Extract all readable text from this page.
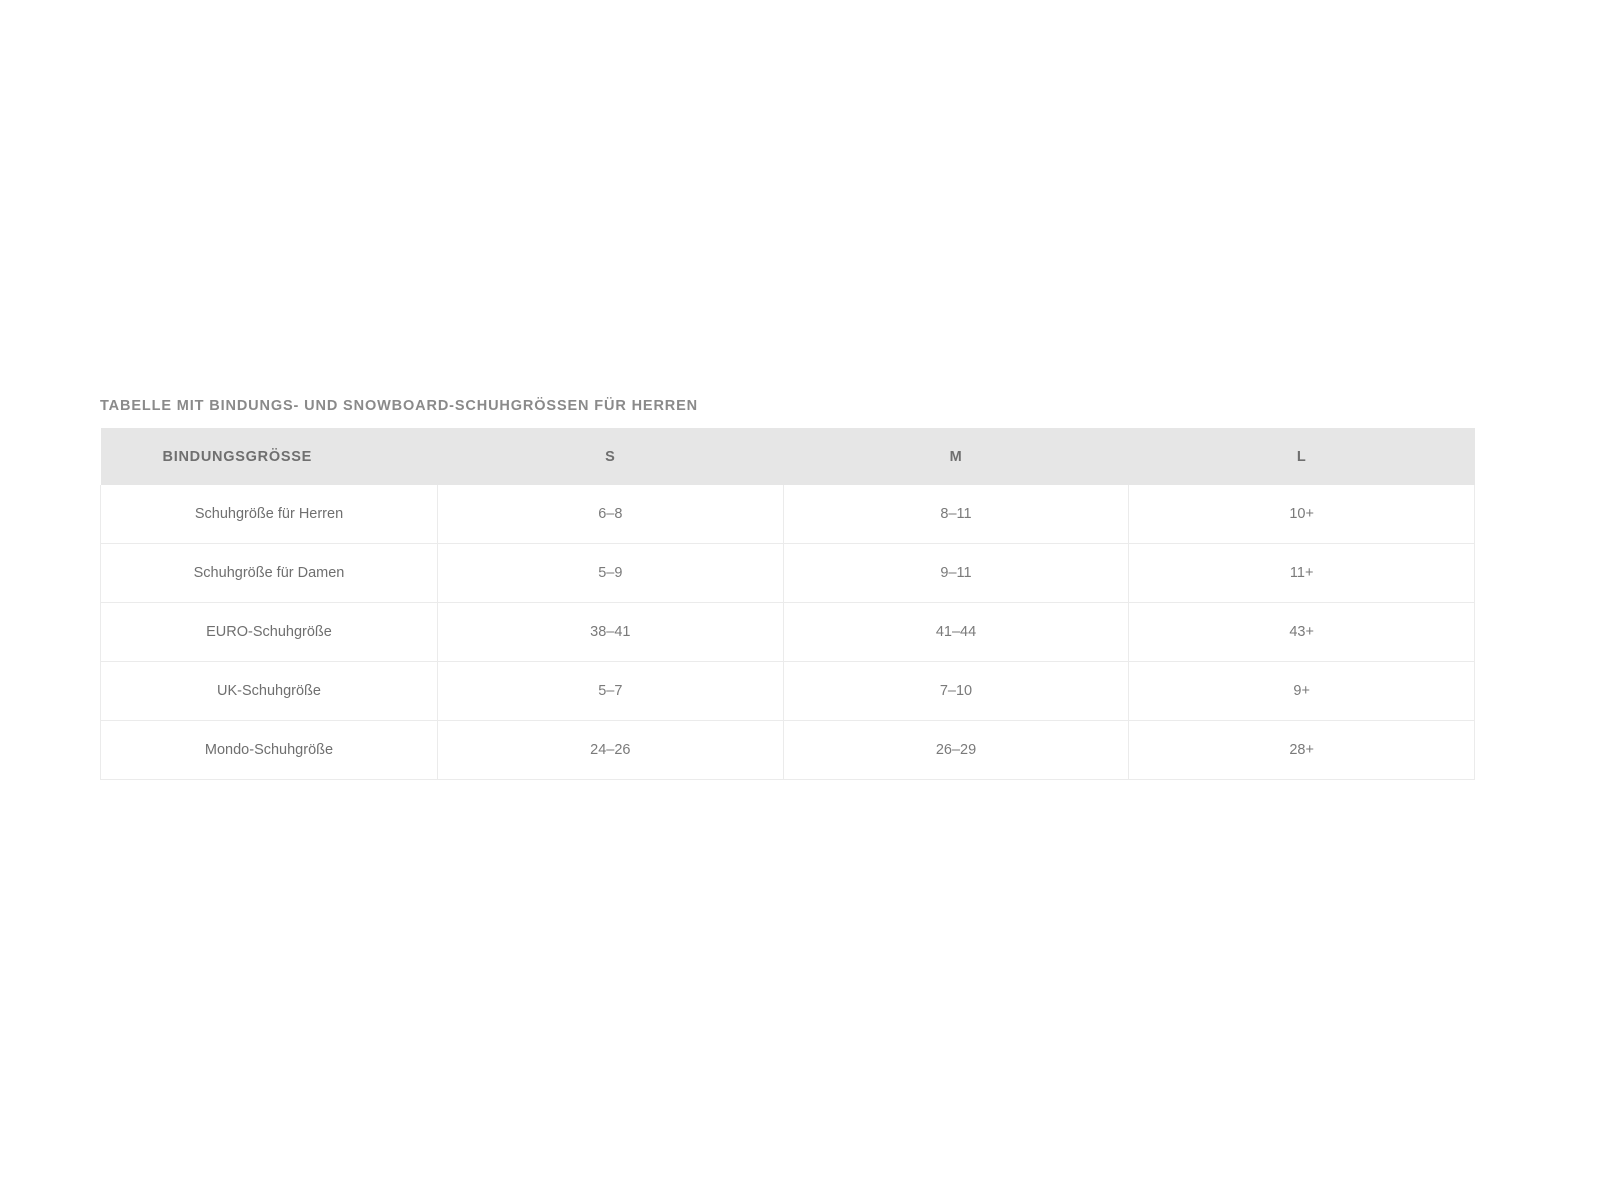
TABELLE MIT BINDUNGS- UND SNOWBOARD-SCHUHGRÖSSEN FÜR HERREN
BINDUNGSGRÖSSE	S	M	L
Schuhgröße für Herren	6–8	8–11	10+
Schuhgröße für Damen	5–9	9–11	11+
EURO-Schuhgröße	38–41	41–44	43+
UK-Schuhgröße	5–7	7–10	9+
Mondo-Schuhgröße	24–26	26–29	28+
